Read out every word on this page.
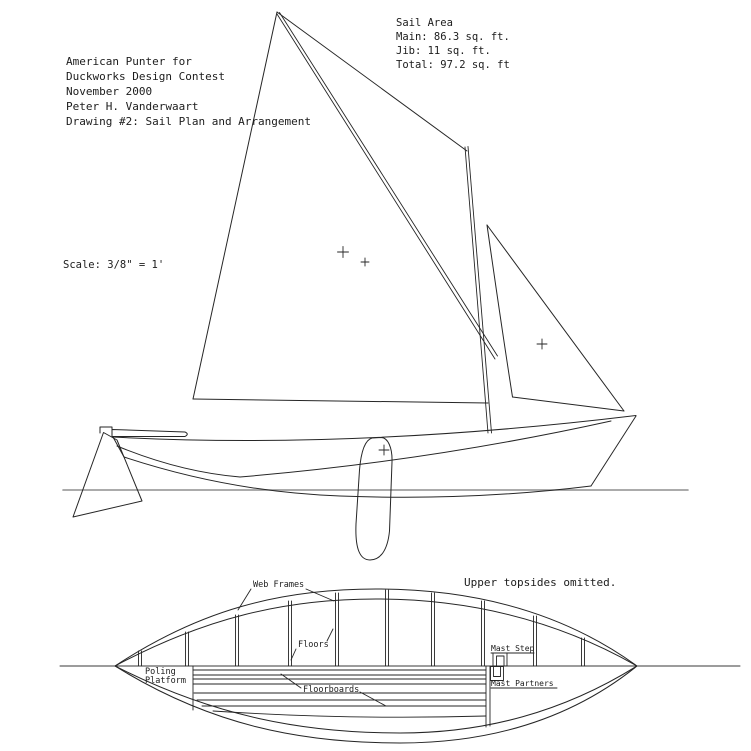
American Punter for
Duckworks Design Contest
November 2000
Peter H. Vanderwaart
Drawing #2: Sail Plan and Arrangement
Sail Area
Main: 86.3 sq. ft.
Jib: 11 sq. ft.
Total: 97.2 sq. ft
Scale: 3/8" = 1'
Upper topsides omitted.
Web Frames
Floors
Poling
Platform
Floorboards
Mast Step
Mast Partners
